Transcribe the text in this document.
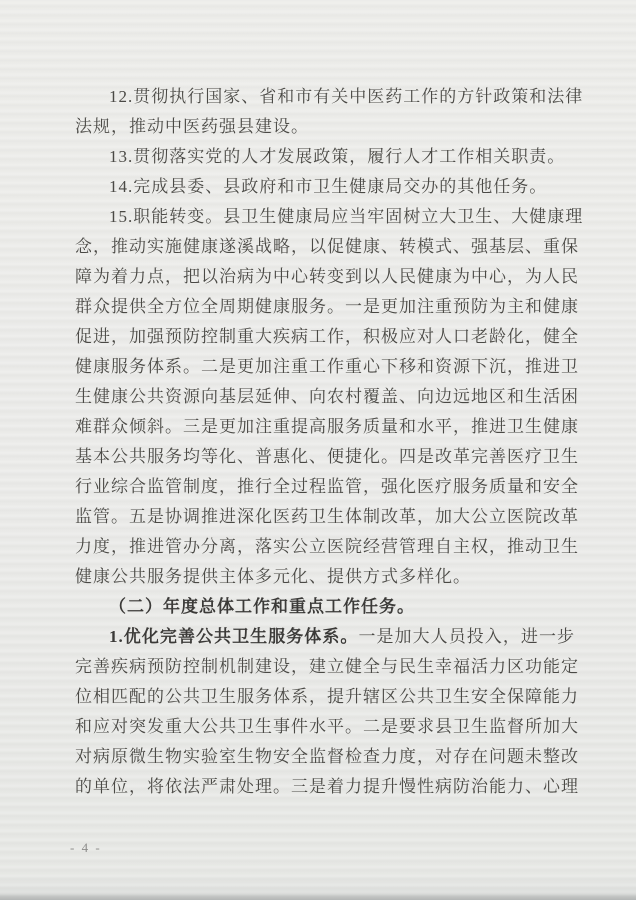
12.贯彻执行国家、省和市有关中医药工作的方针政策和法律

法规，推动中医药强县建设。

13.贯彻落实党的人才发展政策，履行人才工作相关职责。

14.完成县委、县政府和市卫生健康局交办的其他任务。

15.职能转变。县卫生健康局应当牢固树立大卫生、大健康理

念，推动实施健康遂溪战略，以促健康、转模式、强基层、重保

障为着力点，把以治病为中心转变到以人民健康为中心，为人民

群众提供全方位全周期健康服务。一是更加注重预防为主和健康

促进，加强预防控制重大疾病工作，积极应对人口老龄化，健全

健康服务体系。二是更加注重工作重心下移和资源下沉，推进卫

生健康公共资源向基层延伸、向农村覆盖、向边远地区和生活困

难群众倾斜。三是更加注重提高服务质量和水平，推进卫生健康

基本公共服务均等化、普惠化、便捷化。四是改革完善医疗卫生

行业综合监管制度，推行全过程监管，强化医疗服务质量和安全

监管。五是协调推进深化医药卫生体制改革，加大公立医院改革

力度，推进管办分离，落实公立医院经营管理自主权，推动卫生

健康公共服务提供主体多元化、提供方式多样化。

（二）年度总体工作和重点工作任务。

1.优化完善公共卫生服务体系。一是加大人员投入，进一步

完善疾病预防控制机制建设，建立健全与民生幸福活力区功能定

位相匹配的公共卫生服务体系，提升辖区公共卫生安全保障能力

和应对突发重大公共卫生事件水平。二是要求县卫生监督所加大

对病原微生物实验室生物安全监督检查力度，对存在问题未整改

的单位，将依法严肃处理。三是着力提升慢性病防治能力、心理

- 4 -
